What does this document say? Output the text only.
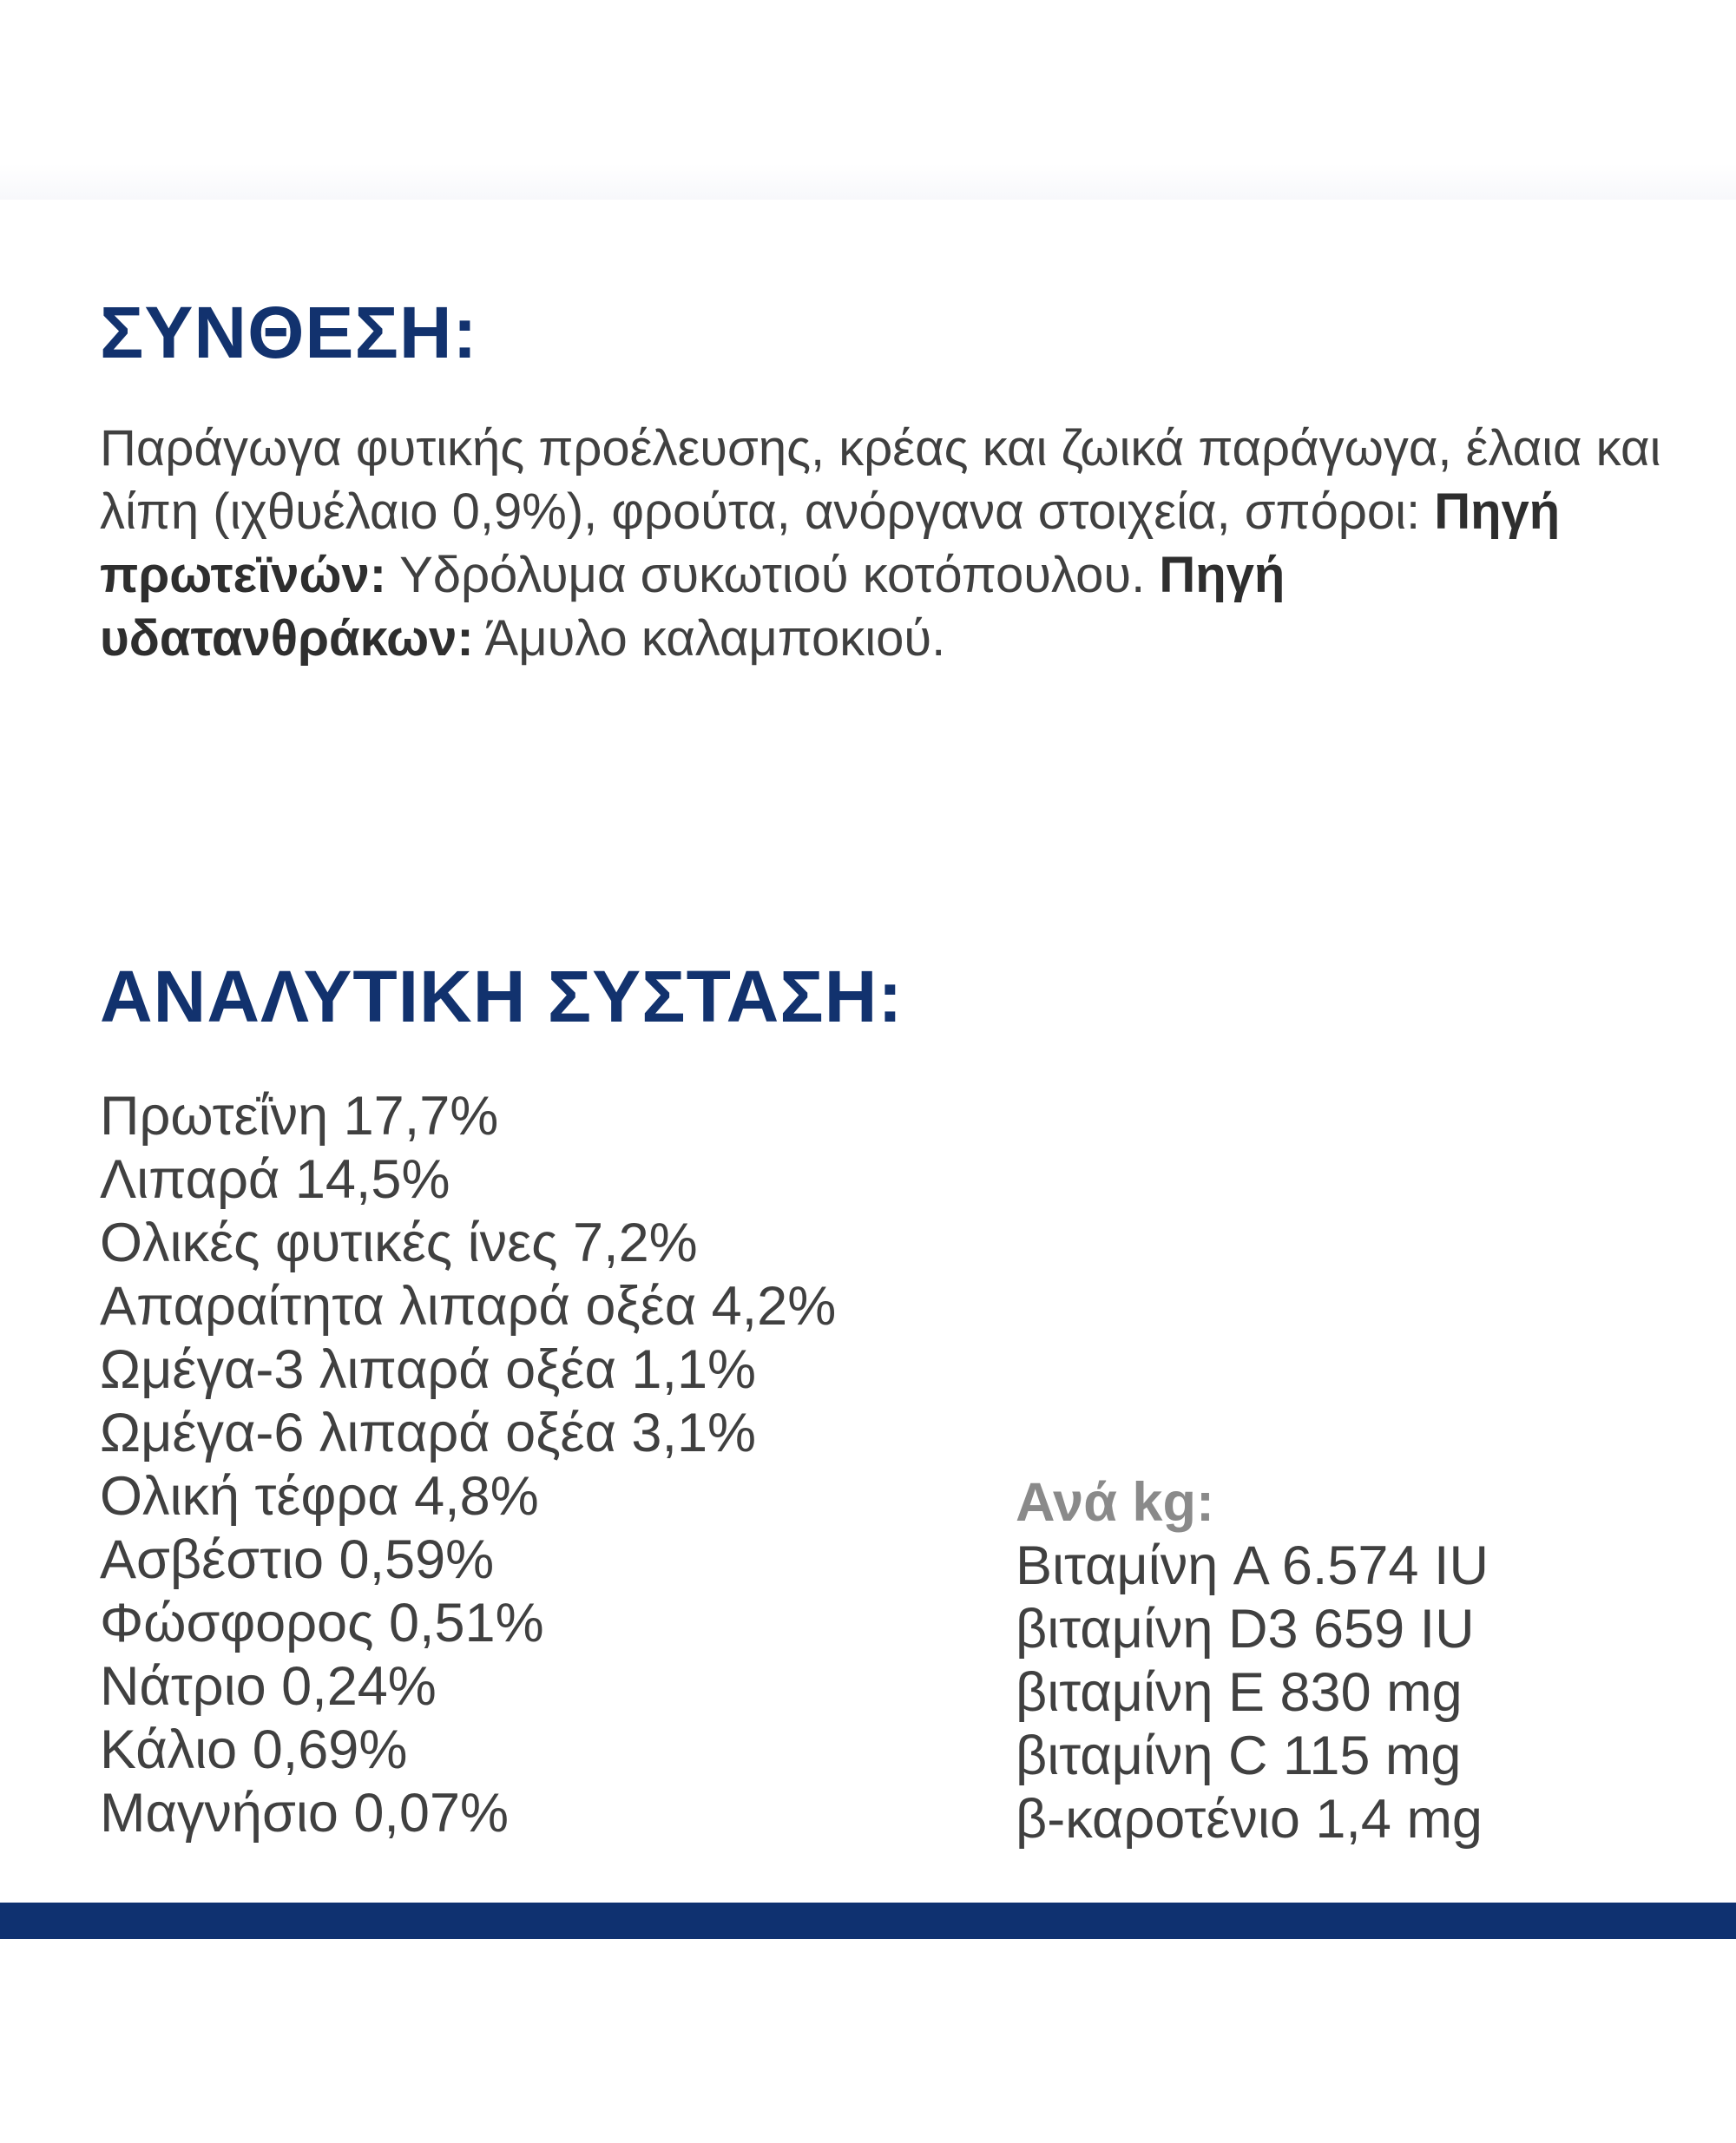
ΣΥΝΘΕΣΗ:

Παράγωγα φυτικής προέλευσης, κρέας και ζωικά παράγωγα, έλαια και λίπη (ιχθυέλαιο 0,9%), φρούτα, ανόργανα στοιχεία, σπόροι: Πηγή πρωτεϊνών: Υδρόλυμα συκωτιού κοτόπουλου. Πηγή υδατανθράκων: Άμυλο καλαμποκιού.

ΑΝΑΛΥΤΙΚΗ ΣΥΣΤΑΣΗ:
Πρωτεΐνη 17,7%
Λιπαρά 14,5%
Ολικές φυτικές ίνες 7,2%
Απαραίτητα λιπαρά οξέα 4,2%
Ωμέγα-3 λιπαρά οξέα 1,1%
Ωμέγα-6 λιπαρά οξέα 3,1%
Ολική τέφρα 4,8%
Ασβέστιο 0,59%
Φώσφορος 0,51%
Νάτριο 0,24%
Κάλιο 0,69%
Μαγνήσιο 0,07%
Ανά kg:
Βιταμίνη A 6.574 IU
βιταμίνη D3 659 IU
βιταμίνη E 830 mg
βιταμίνη C 115 mg
β-καροτένιο 1,4 mg
